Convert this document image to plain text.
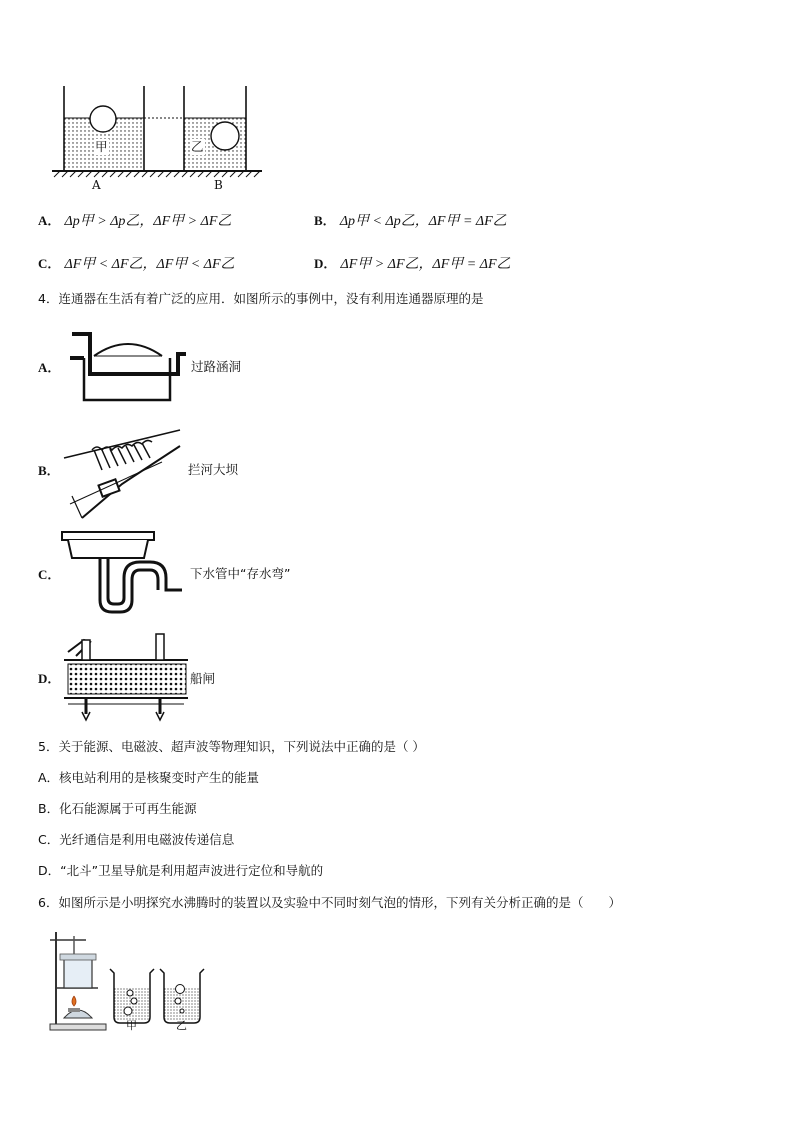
甲	乙
A	B
A． Δp甲 > Δp乙，ΔF甲 > ΔF乙	B． Δp甲 < Δp乙，ΔF甲 = ΔF乙
C． ΔF甲 < ΔF乙，ΔF甲 < ΔF乙	D． ΔF甲 > ΔF乙，ΔF甲 = ΔF乙
4．连通器在生活有着广泛的应用．如图所示的事例中，没有利用连通器原理的是
A．	过路涵洞
B．	拦河大坝
C．	下水管中“存水弯”
D．	船闸
5．关于能源、电磁波、超声波等物理知识，下列说法中正确的是（ ）
A．核电站利用的是核聚变时产生的能量
B．化石能源属于可再生能源
C．光纤通信是利用电磁波传递信息
D．“北斗”卫星导航是利用超声波进行定位和导航的
6．如图所示是小明探究水沸腾时的装置以及实验中不同时刻气泡的情形，下列有关分析正确的是（　　）
甲	乙
